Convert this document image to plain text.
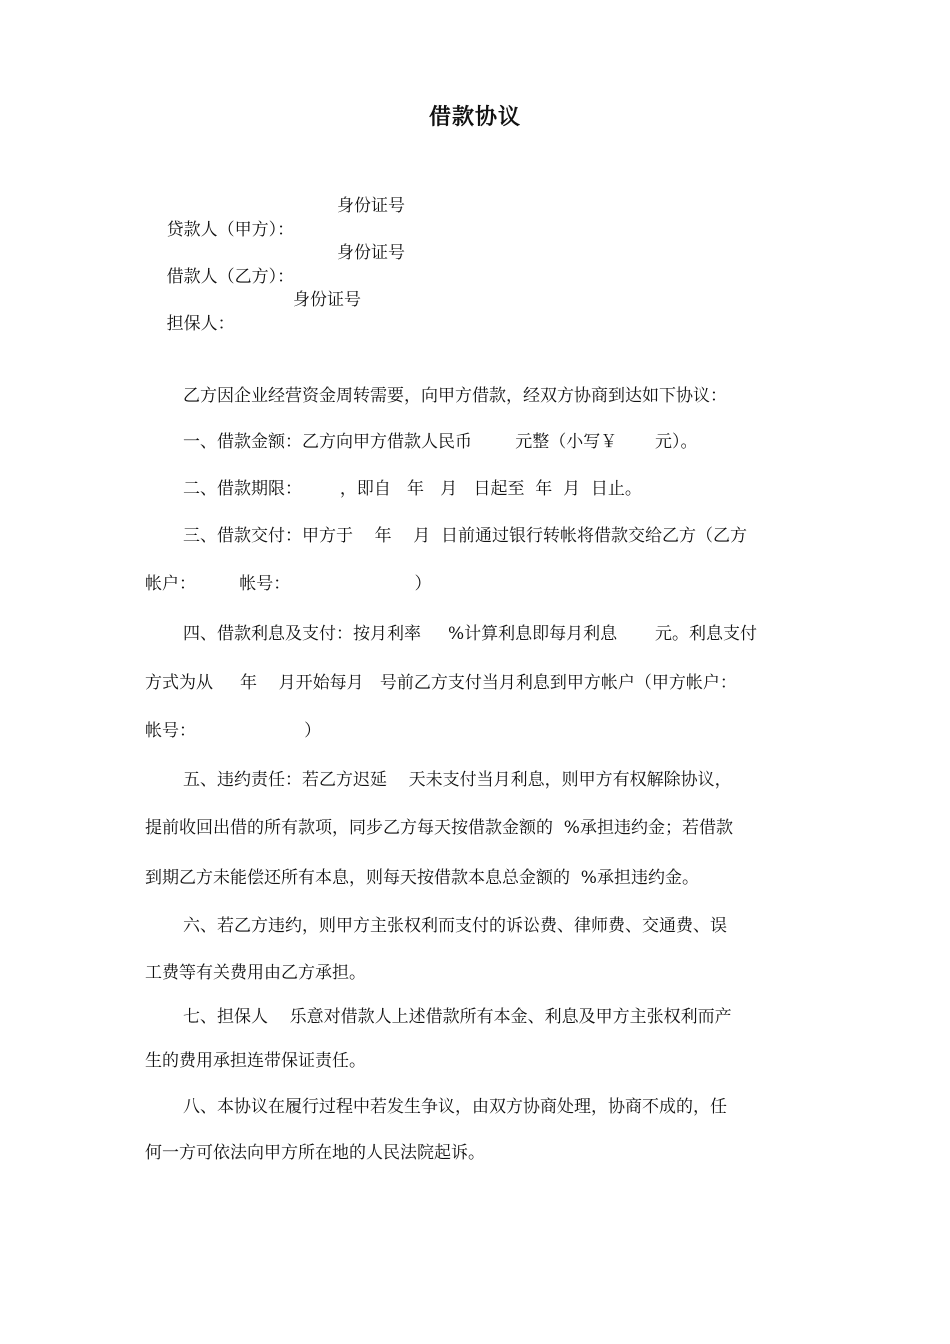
借款协议

贷款人（甲方）：
身份证号

借款人（乙方）：
身份证号

担保人：
身份证号

乙方因企业经营资金周转需要，向甲方借款，经双方协商到达如下协议：
一、借款金额：乙方向甲方借款人民币        元整（小写￥       元）。
二、借款期限：       ，即自   年   月   日起至  年  月  日止。
三、借款交付：甲方于    年    月  日前通过银行转帐将借款交给乙方（乙方
帐户：        帐号：                       ）
四、借款利息及支付：按月利率     %计算利息即每月利息       元。利息支付
方式为从     年    月开始每月   号前乙方支付当月利息到甲方帐户（甲方帐户：
帐号：                    ）
五、违约责任：若乙方迟延    天未支付当月利息，则甲方有权解除协议，
提前收回出借的所有款项，同步乙方每天按借款金额的  %承担违约金；若借款
到期乙方未能偿还所有本息，则每天按借款本息总金额的  %承担违约金。
六、若乙方违约，则甲方主张权利而支付的诉讼费、律师费、交通费、误
工费等有关费用由乙方承担。
七、担保人    乐意对借款人上述借款所有本金、利息及甲方主张权利而产
生的费用承担连带保证责任。
八、本协议在履行过程中若发生争议，由双方协商处理，协商不成的，任
何一方可依法向甲方所在地的人民法院起诉。
